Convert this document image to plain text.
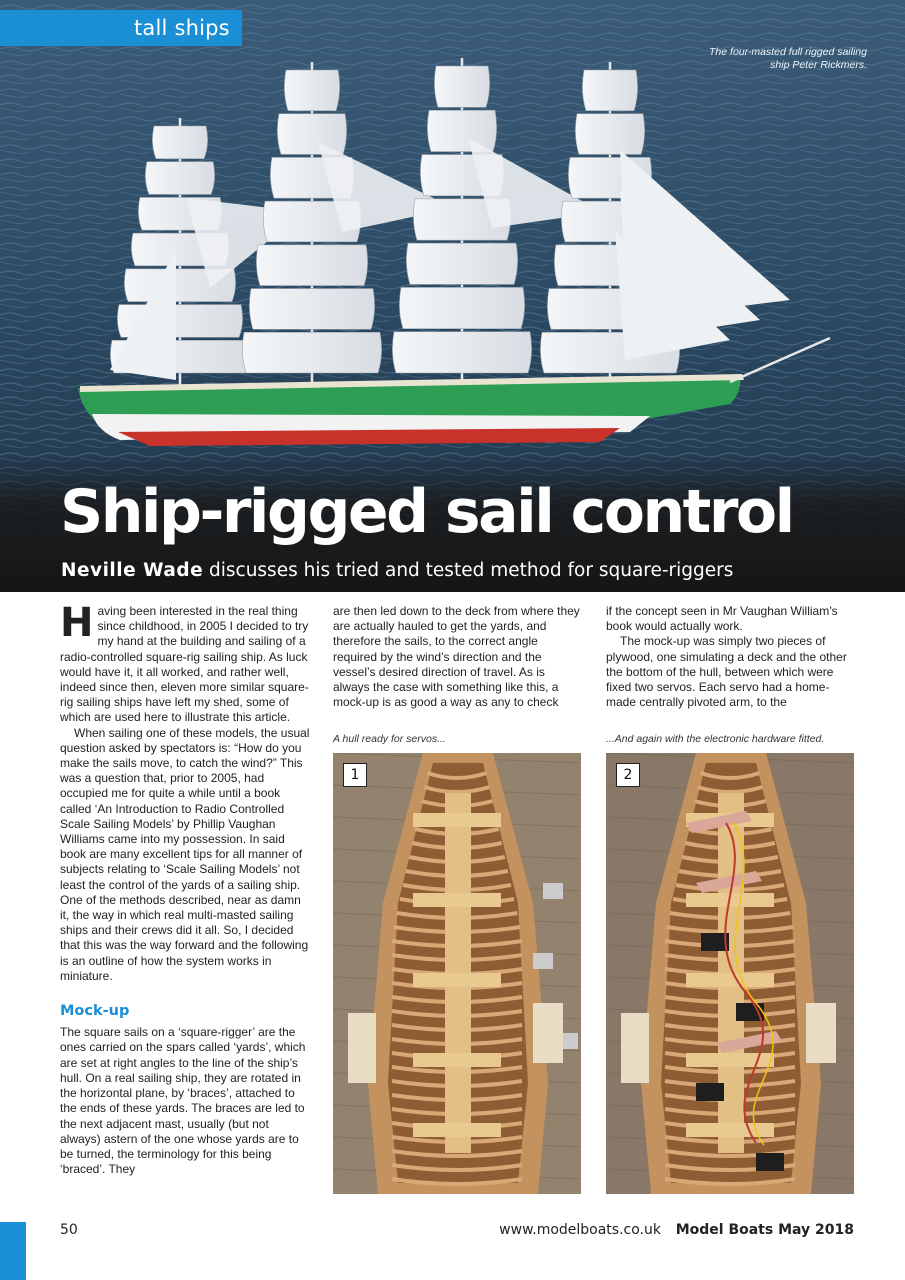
tall ships
The four-masted full rigged sailing ship Peter Rickmers.
Ship-rigged sail control
Neville Wade discusses his tried and tested method for square-riggers

Having been interested in the real thing since childhood, in 2005 I decided to try my hand at the building and sailing of a radio-controlled square-rig sailing ship. As luck would have it, it all worked, and rather well, indeed since then, eleven more similar square-rig sailing ships have left my shed, some of which are used here to illustrate this article.

When sailing one of these models, the usual question asked by spectators is: “How do you make the sails move, to catch the wind?” This was a question that, prior to 2005, had occupied me for quite a while until a book called ‘An Introduction to Radio Controlled Scale Sailing Models’ by Phillip Vaughan Williams came into my possession. In said book are many excellent tips for all manner of subjects relating to ‘Scale Sailing Models’ not least the control of the yards of a sailing ship. One of the methods described, near as damn it, the way in which real multi-masted sailing ships and their crews did it all. So, I decided that this was the way forward and the following is an outline of how the system works in miniature.

Mock-up

The square sails on a ‘square-rigger’ are the ones carried on the spars called ‘yards’, which are set at right angles to the line of the ship’s hull. On a real sailing ship, they are rotated in the horizontal plane, by ‘braces’, attached to the ends of these yards. The braces are led to the next adjacent mast, usually (but not always) astern of the one whose yards are to be turned, the terminology for this being ‘braced’. They

are then led down to the deck from where they are actually hauled to get the yards, and therefore the sails, to the correct angle required by the wind’s direction and the vessel’s desired direction of travel. As is always the case with something like this, a mock-up is as good a way as any to check

if the concept seen in Mr Vaughan William’s book would actually work.

The mock-up was simply two pieces of plywood, one simulating a deck and the other the bottom of the hull, between which were fixed two servos. Each servo had a home-made centrally pivoted arm, to the

A hull ready for servos...
1
...And again with the electronic hardware fitted.
2
50	www.modelboats.co.uk Model Boats May 2018
